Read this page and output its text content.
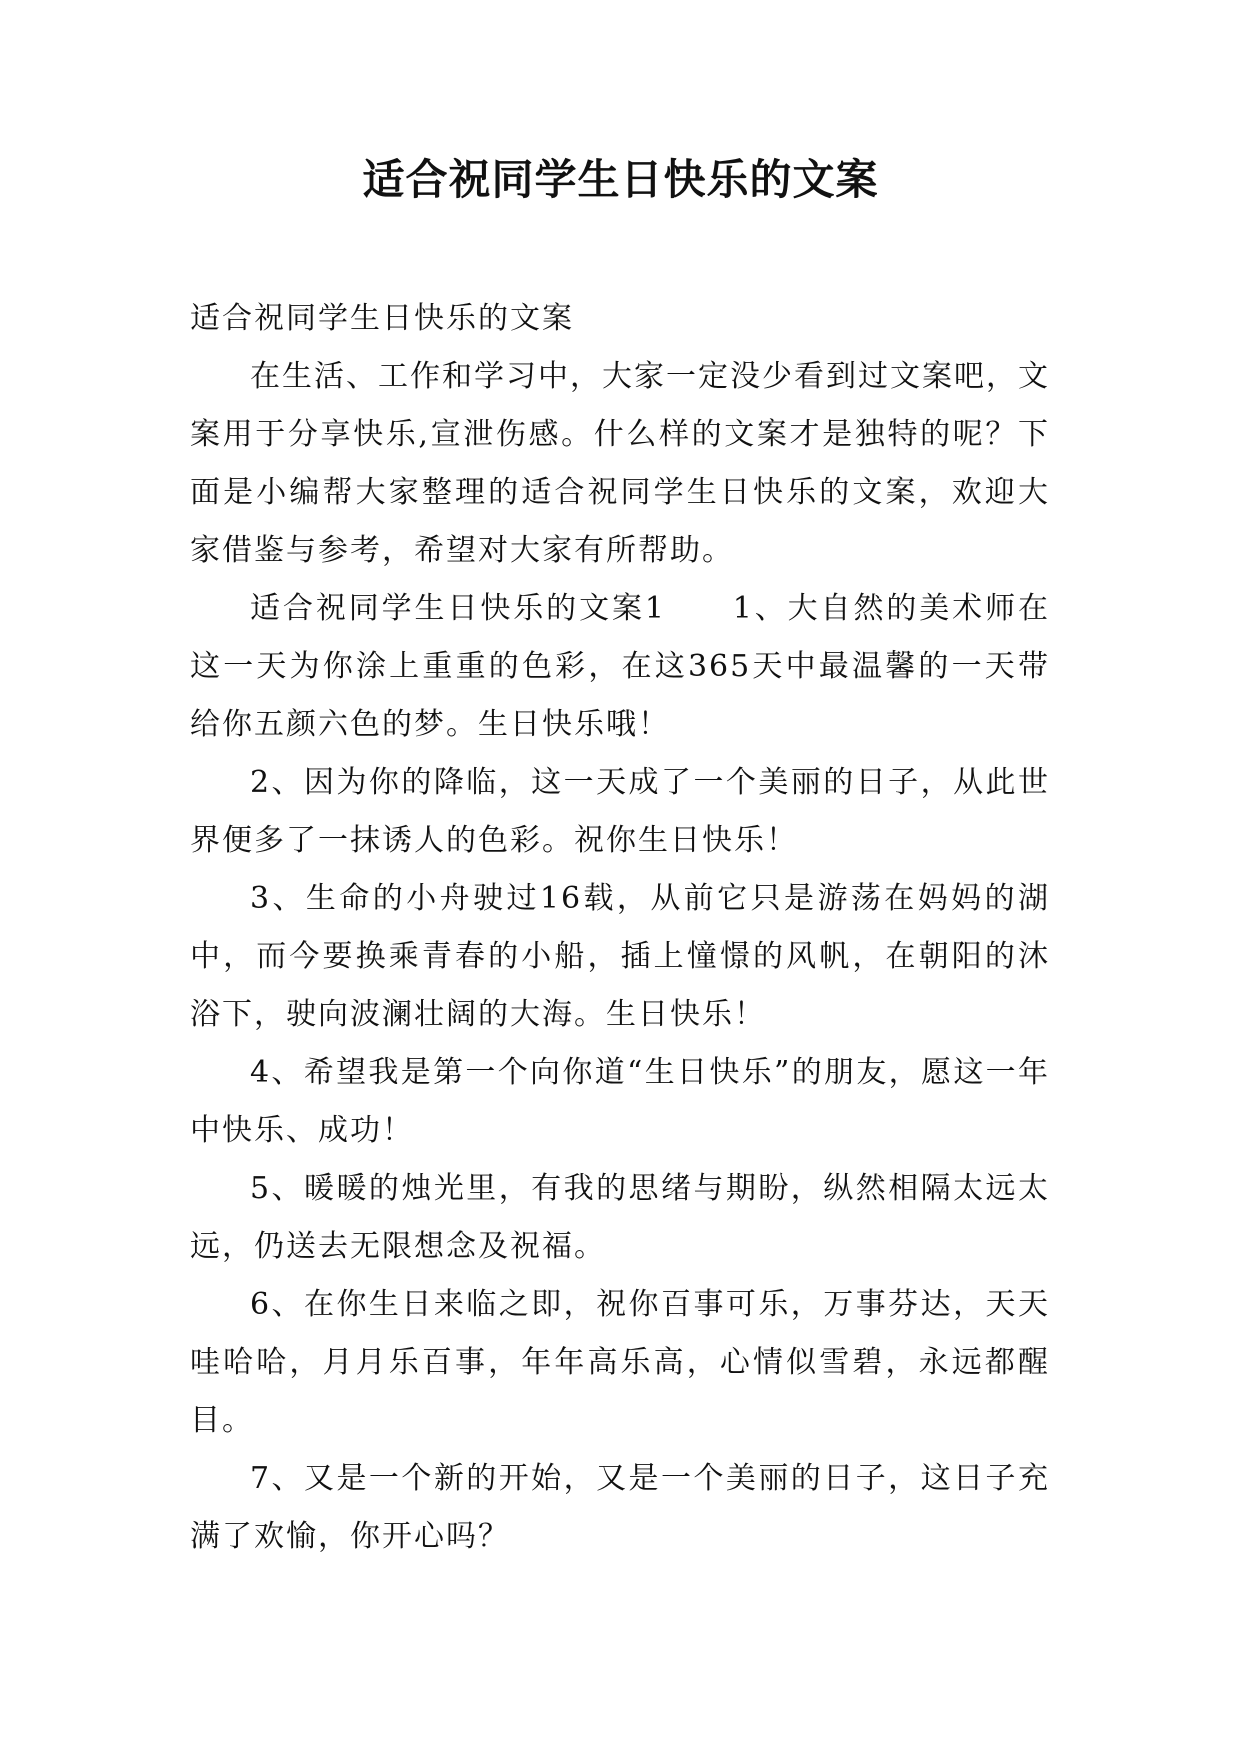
适合祝同学生日快乐的文案

适合祝同学生日快乐的文案

在生活、工作和学习中，大家一定没少看到过文案吧，文案用于分享快乐,宣泄伤感。什么样的文案才是独特的呢？下面是小编帮大家整理的适合祝同学生日快乐的文案，欢迎大家借鉴与参考，希望对大家有所帮助。

适合祝同学生日快乐的文案1　　1、大自然的美术师在这一天为你涂上重重的色彩，在这365天中最温馨的一天带给你五颜六色的梦。生日快乐哦！

2、因为你的降临，这一天成了一个美丽的日子，从此世界便多了一抹诱人的色彩。祝你生日快乐！

3、生命的小舟驶过16载，从前它只是游荡在妈妈的湖中，而今要换乘青春的小船，插上憧憬的风帆，在朝阳的沐浴下，驶向波澜壮阔的大海。生日快乐！

4、希望我是第一个向你道“生日快乐”的朋友，愿这一年中快乐、成功！

5、暖暖的烛光里，有我的思绪与期盼，纵然相隔太远太远，仍送去无限想念及祝福。

6、在你生日来临之即，祝你百事可乐，万事芬达，天天哇哈哈，月月乐百事，年年高乐高，心情似雪碧，永远都醒目。

7、又是一个新的开始，又是一个美丽的日子，这日子充满了欢愉，你开心吗？
